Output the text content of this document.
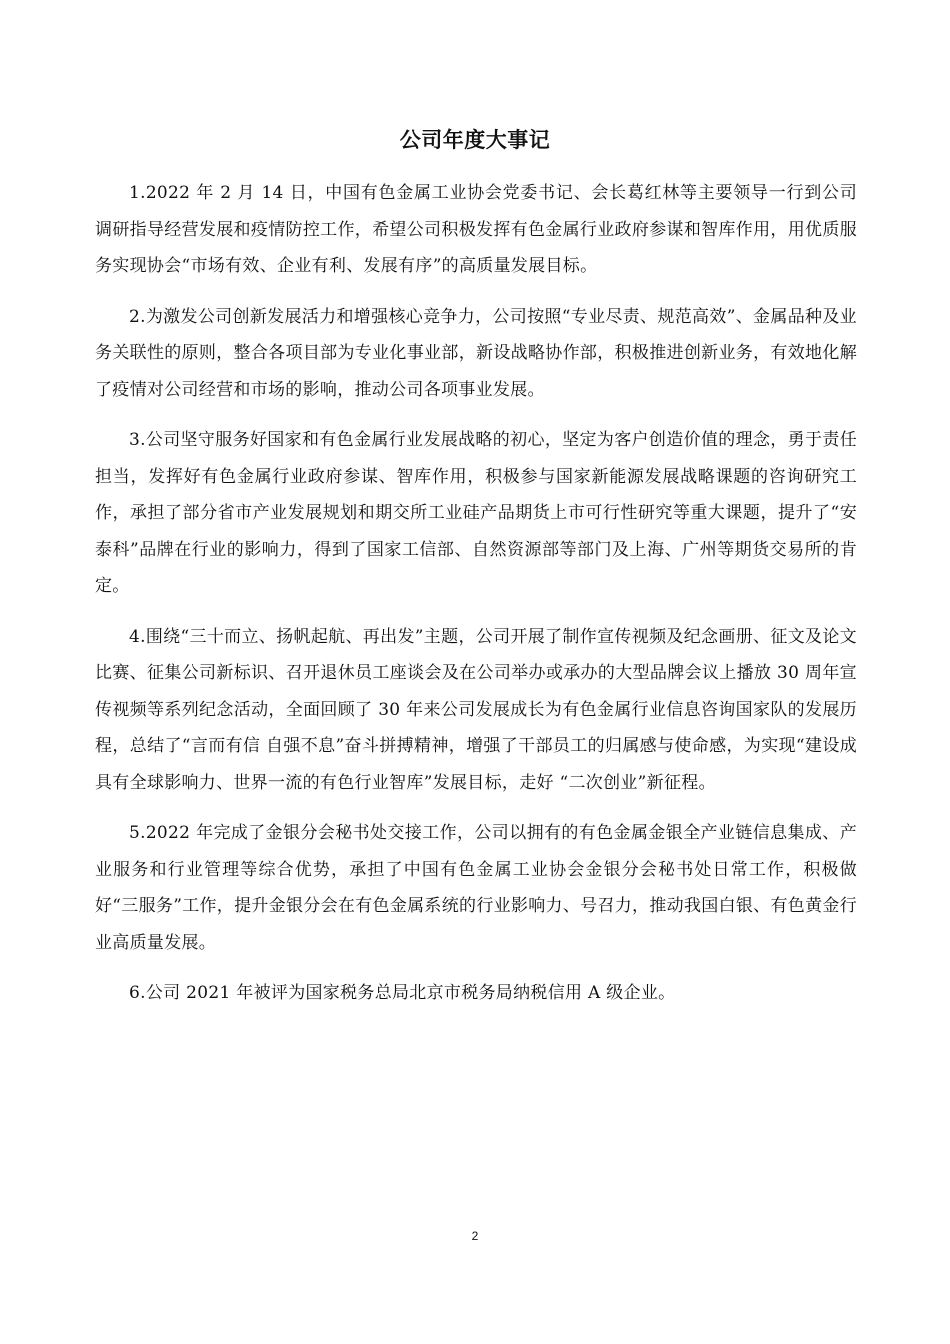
公司年度大事记

1.2022 年 2 月 14 日，中国有色金属工业协会党委书记、会长葛红林等主要领导一行到公司调研指导经营发展和疫情防控工作，希望公司积极发挥有色金属行业政府参谋和智库作用，用优质服务实现协会“市场有效、企业有利、发展有序”的高质量发展目标。

2.为激发公司创新发展活力和增强核心竞争力，公司按照“专业尽责、规范高效”、金属品种及业务关联性的原则，整合各项目部为专业化事业部，新设战略协作部，积极推进创新业务，有效地化解了疫情对公司经营和市场的影响，推动公司各项事业发展。

3.公司坚守服务好国家和有色金属行业发展战略的初心，坚定为客户创造价值的理念，勇于责任担当，发挥好有色金属行业政府参谋、智库作用，积极参与国家新能源发展战略课题的咨询研究工作，承担了部分省市产业发展规划和期交所工业硅产品期货上市可行性研究等重大课题，提升了“安泰科”品牌在行业的影响力，得到了国家工信部、自然资源部等部门及上海、广州等期货交易所的肯定。

4.围绕“三十而立、扬帆起航、再出发”主题，公司开展了制作宣传视频及纪念画册、征文及论文比赛、征集公司新标识、召开退休员工座谈会及在公司举办或承办的大型品牌会议上播放 30 周年宣传视频等系列纪念活动，全面回顾了 30 年来公司发展成长为有色金属行业信息咨询国家队的发展历程，总结了“言而有信 自强不息”奋斗拼搏精神，增强了干部员工的归属感与使命感，为实现“建设成具有全球影响力、世界一流的有色行业智库”发展目标，走好 “二次创业”新征程。

5.2022 年完成了金银分会秘书处交接工作，公司以拥有的有色金属金银全产业链信息集成、产业服务和行业管理等综合优势，承担了中国有色金属工业协会金银分会秘书处日常工作，积极做好“三服务”工作，提升金银分会在有色金属系统的行业影响力、号召力，推动我国白银、有色黄金行业高质量发展。

6.公司 2021 年被评为国家税务总局北京市税务局纳税信用 A 级企业。

2
